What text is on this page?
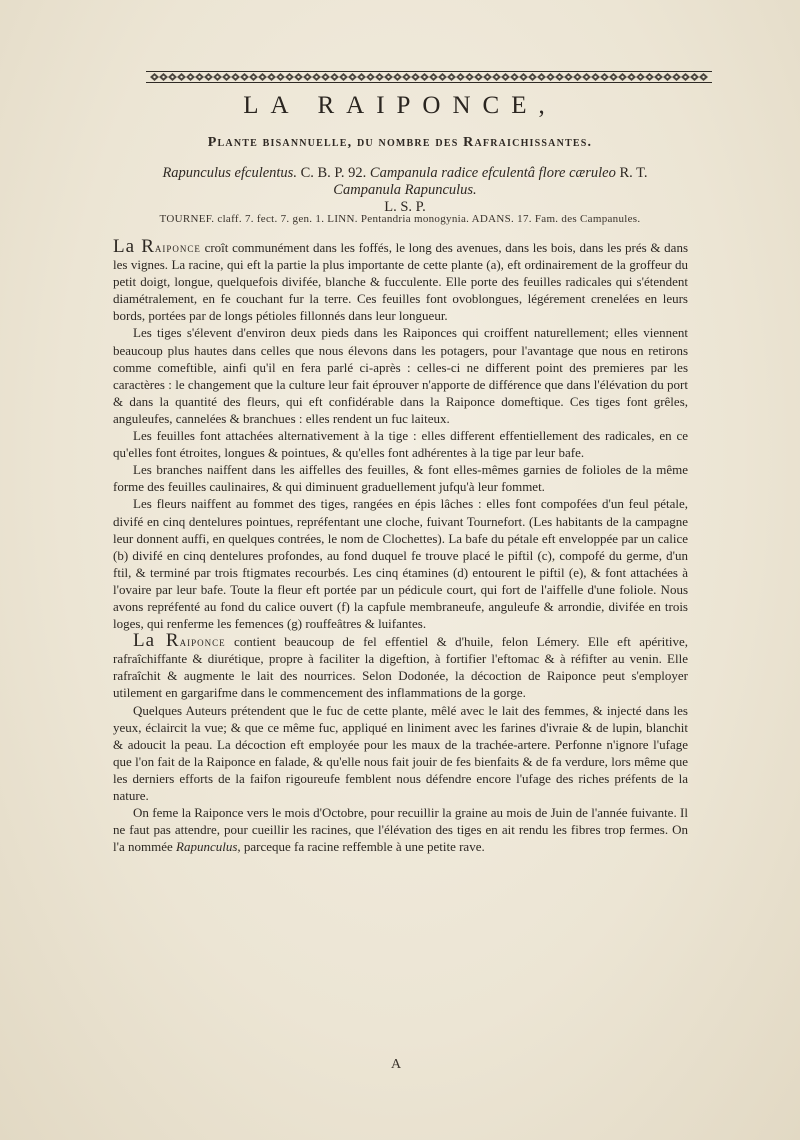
LA RAIPONCE,
Plante bisannuelle, du nombre des Rafraichissantes.
Rapunculus efculentus. C. B. P. 92. Campanula radice efculentâ flore cæruleo R. T. Campanula Rapunculus.
L. S. P.
TOURNEF. claff. 7. fect. 7. gen. 1. LINN. Pentandria monogynia. ADANS. 17. Fam. des Campanules.

La Raiponce croît communément dans les foffés, le long des avenues, dans les bois, dans les prés & dans les vignes. La racine, qui eft la partie la plus importante de cette plante (a), eft ordinairement de la groffeur du petit doigt, longue, quelquefois divifée, blanche & fucculente. Elle porte des feuilles radicales qui s'étendent diamétralement, en fe couchant fur la terre. Ces feuilles font ovoblongues, légérement crenelées en leurs bords, portées par de longs pétioles fillonnés dans leur longueur.

Les tiges s'élevent d'environ deux pieds dans les Raiponces qui croiffent naturellement; elles viennent beaucoup plus hautes dans celles que nous élevons dans les potagers, pour l'avantage que nous en retirons comme comeftible, ainfi qu'il en fera parlé ci-après : celles-ci ne different point des premieres par les caractères : le changement que la culture leur fait éprouver n'apporte de différence que dans l'élévation du port & dans la quantité des fleurs, qui eft confidérable dans la Raiponce domeftique. Ces tiges font grêles, anguleufes, cannelées & branchues : elles rendent un fuc laiteux.

Les feuilles font attachées alternativement à la tige : elles different effentiellement des radicales, en ce qu'elles font étroites, longues & pointues, & qu'elles font adhérentes à la tige par leur bafe.

Les branches naiffent dans les aiffelles des feuilles, & font elles-mêmes garnies de folioles de la même forme des feuilles caulinaires, & qui diminuent graduellement jufqu'à leur fommet.

Les fleurs naiffent au fommet des tiges, rangées en épis lâches : elles font compofées d'un feul pétale, divifé en cinq dentelures pointues, repréfentant une cloche, fuivant Tournefort. (Les habitants de la campagne leur donnent auffi, en quelques contrées, le nom de Clochettes). La bafe du pétale eft enveloppée par un calice (b) divifé en cinq dentelures profondes, au fond duquel fe trouve placé le piftil (c), compofé du germe, d'un ftil, & terminé par trois ftigmates recourbés. Les cinq étamines (d) entourent le piftil (e), & font attachées à l'ovaire par leur bafe. Toute la fleur eft portée par un pédicule court, qui fort de l'aiffelle d'une foliole. Nous avons repréfenté au fond du calice ouvert (f) la capfule membraneufe, anguleufe & arrondie, divifée en trois loges, qui renferme les femences (g) rouffeâtres & luifantes.

La Raiponce contient beaucoup de fel effentiel & d'huile, felon Lémery. Elle eft apéritive, rafraîchiffante & diurétique, propre à faciliter la digeftion, à fortifier l'eftomac & à réfifter au venin. Elle rafraîchit & augmente le lait des nourrices. Selon Dodonée, la décoction de Raiponce peut s'employer utilement en gargarifme dans le commencement des inflammations de la gorge.

Quelques Auteurs prétendent que le fuc de cette plante, mêlé avec le lait des femmes, & injecté dans les yeux, éclaircit la vue; & que ce même fuc, appliqué en liniment avec les farines d'ivraie & de lupin, blanchit & adoucit la peau. La décoction eft employée pour les maux de la trachée-artere. Perfonne n'ignore l'ufage que l'on fait de la Raiponce en falade, & qu'elle nous fait jouir de fes bienfaits & de fa verdure, lors même que les derniers efforts de la faifon rigoureufe femblent nous défendre encore l'ufage des riches préfents de la nature.

On feme la Raiponce vers le mois d'Octobre, pour recuillir la graine au mois de Juin de l'année fuivante. Il ne faut pas attendre, pour cueillir les racines, que l'élévation des tiges en ait rendu les fibres trop fermes. On l'a nommée Rapunculus, parceque fa racine reffemble à une petite rave.

A
